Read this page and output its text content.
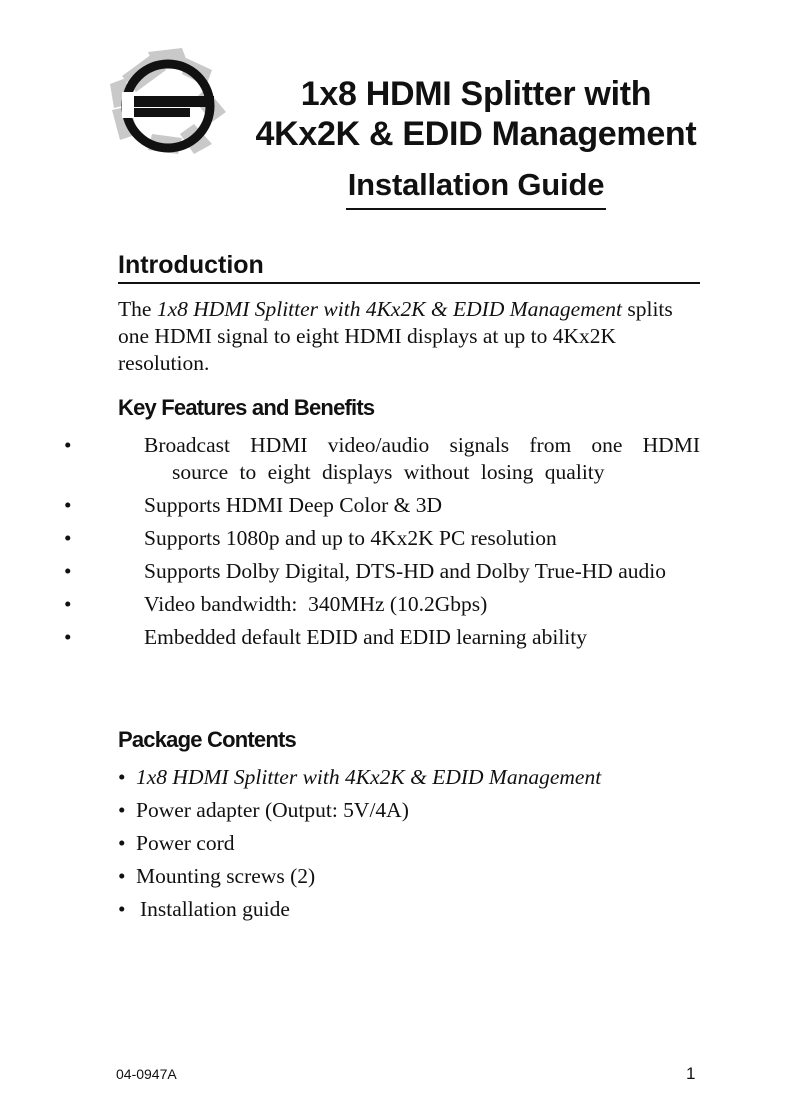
1x8 HDMI Splitter with
4Kx2K & EDID Management
Installation Guide
Introduction
The 1x8 HDMI Splitter with 4Kx2K & EDID Management splits one HDMI signal to eight HDMI displays at up to 4Kx2K resolution.
Key Features and Benefits
•	Broadcast HDMI video/audio signals from one HDMI source to eight displays without losing quality
•	Supports HDMI Deep Color & 3D
•	Supports 1080p and up to 4Kx2K PC resolution
•	Supports Dolby Digital, DTS-HD and Dolby True-HD audio
•	Video bandwidth:  340MHz (10.2Gbps)
•	Embedded default EDID and EDID learning ability
Package Contents
• 1x8 HDMI Splitter with 4Kx2K & EDID Management
• Power adapter (Output: 5V/4A)
• Power cord
• Mounting screws (2)
• Installation guide
04-0947A	1
